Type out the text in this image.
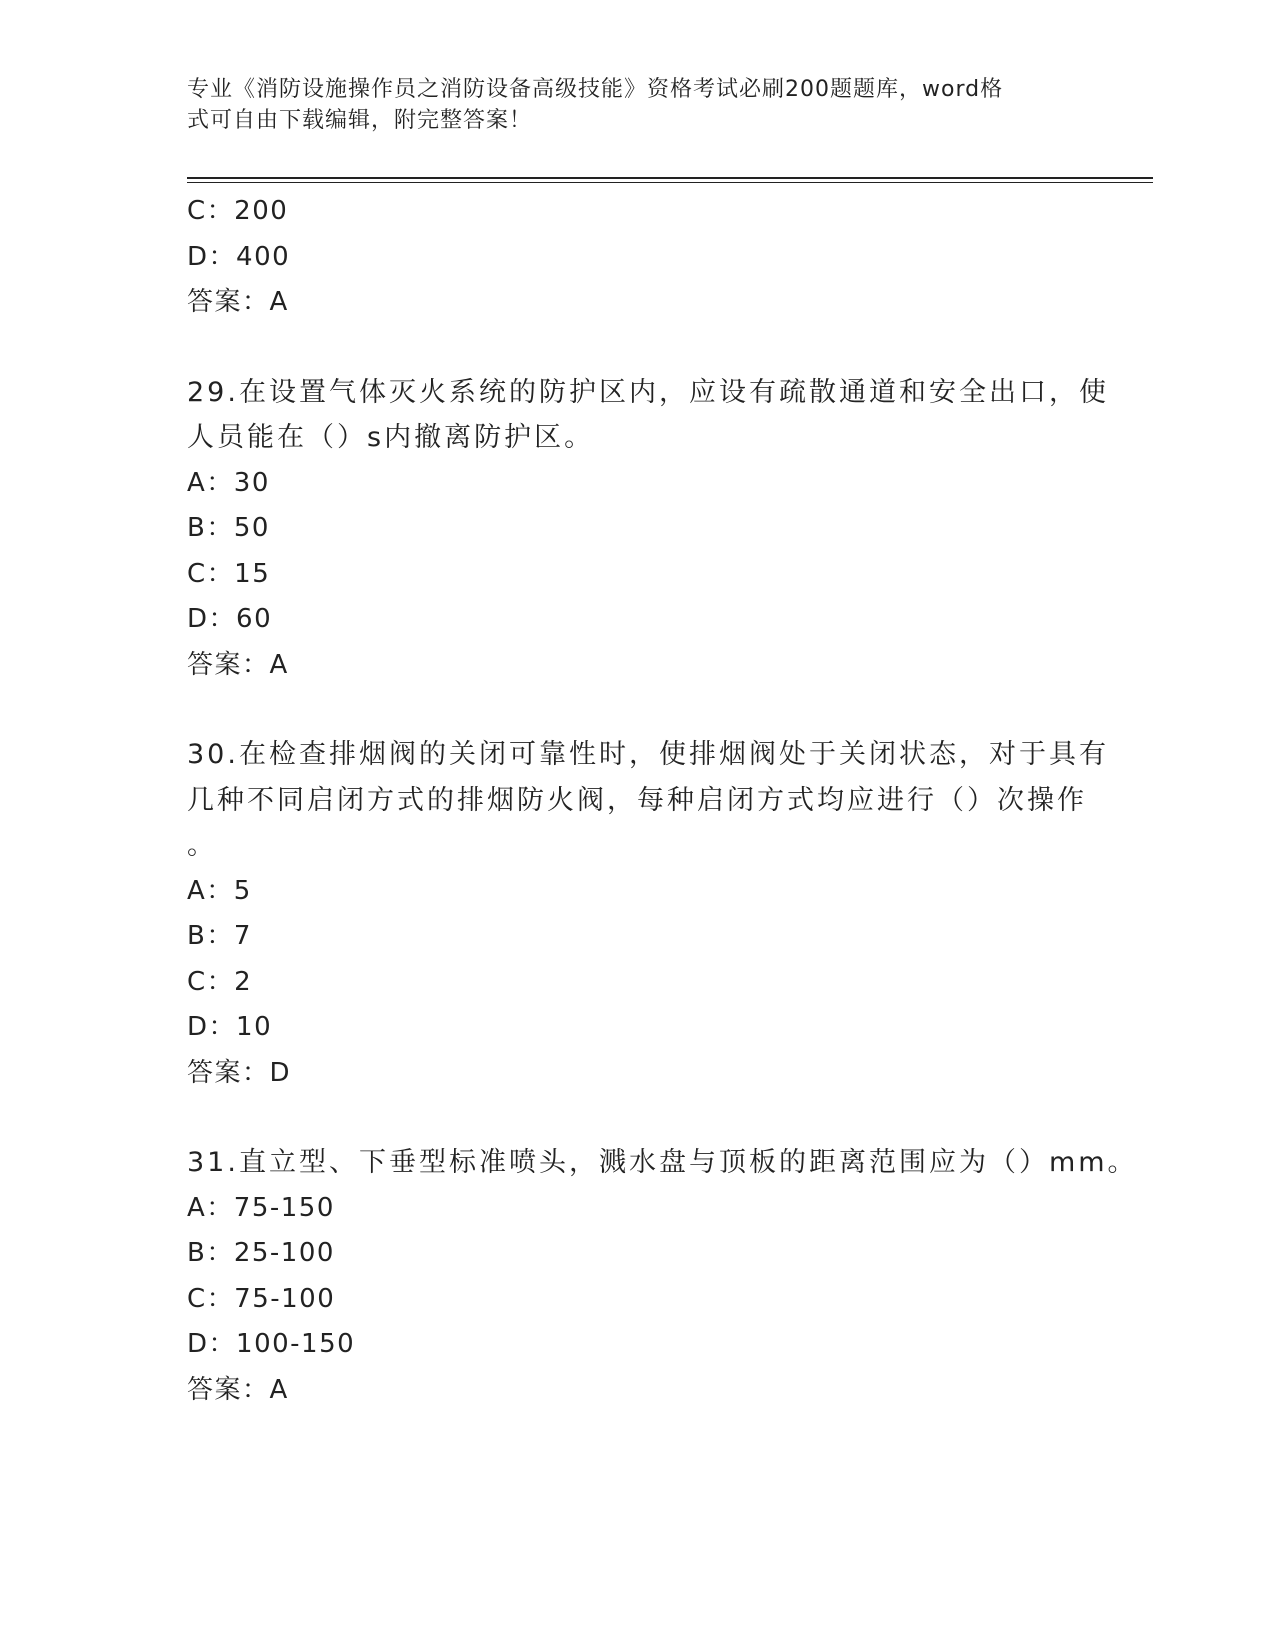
专业《消防设施操作员之消防设备高级技能》资格考试必刷200题题库，word格
式可自由下载编辑，附完整答案！
C：200
D：400
答案：A
29.在设置气体灭火系统的防护区内，应设有疏散通道和安全出口，使
人员能在（）s内撤离防护区。
A：30
B：50
C：15
D：60
答案：A
30.在检查排烟阀的关闭可靠性时，使排烟阀处于关闭状态，对于具有
几种不同启闭方式的排烟防火阀，每种启闭方式均应进行（）次操作
。
A：5
B：7
C：2
D：10
答案：D
31.直立型、下垂型标准喷头，溅水盘与顶板的距离范围应为（）mm。
A：75-150
B：25-100
C：75-100
D：100-150
答案：A
